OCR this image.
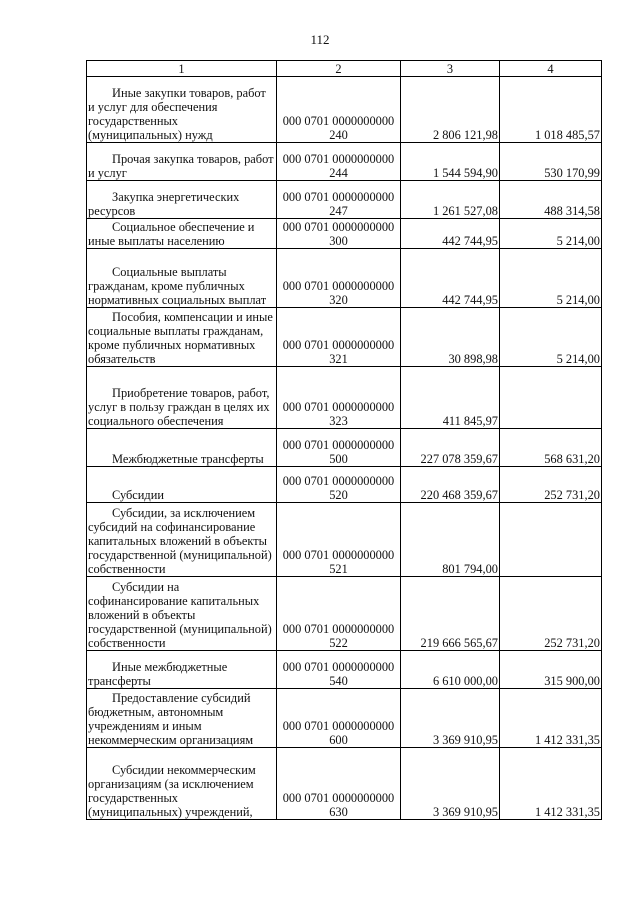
112
1	2	3	4
Иные закупки товаров, работ и услуг для обеспечения государственных (муниципальных) нужд	000 0701 0000000000 240	2 806 121,98	1 018 485,57
Прочая закупка товаров, работ и услуг	000 0701 0000000000 244	1 544 594,90	530 170,99
Закупка энергетических ресурсов	000 0701 0000000000 247	1 261 527,08	488 314,58
Социальное обеспечение и иные выплаты населению	000 0701 0000000000 300	442 744,95	5 214,00
Социальные выплаты гражданам, кроме публичных нормативных социальных выплат	000 0701 0000000000 320	442 744,95	5 214,00
Пособия, компенсации и иные социальные выплаты гражданам, кроме публичных нормативных обязательств	000 0701 0000000000 321	30 898,98	5 214,00
Приобретение товаров, работ, услуг в пользу граждан в целях их социального обеспечения	000 0701 0000000000 323	411 845,97	
Межбюджетные трансферты	000 0701 0000000000 500	227 078 359,67	568 631,20
Субсидии	000 0701 0000000000 520	220 468 359,67	252 731,20
Субсидии, за исключением субсидий на софинансирование капитальных вложений в объекты государственной (муниципальной) собственности	000 0701 0000000000 521	801 794,00	
Субсидии на софинансирование капитальных вложений в объекты государственной (муниципальной) собственности	000 0701 0000000000 522	219 666 565,67	252 731,20
Иные межбюджетные трансферты	000 0701 0000000000 540	6 610 000,00	315 900,00
Предоставление субсидий бюджетным, автономным учреждениям и иным некоммерческим организациям	000 0701 0000000000 600	3 369 910,95	1 412 331,35
Субсидии некоммерческим организациям (за исключением государственных (муниципальных) учреждений,	000 0701 0000000000 630	3 369 910,95	1 412 331,35
